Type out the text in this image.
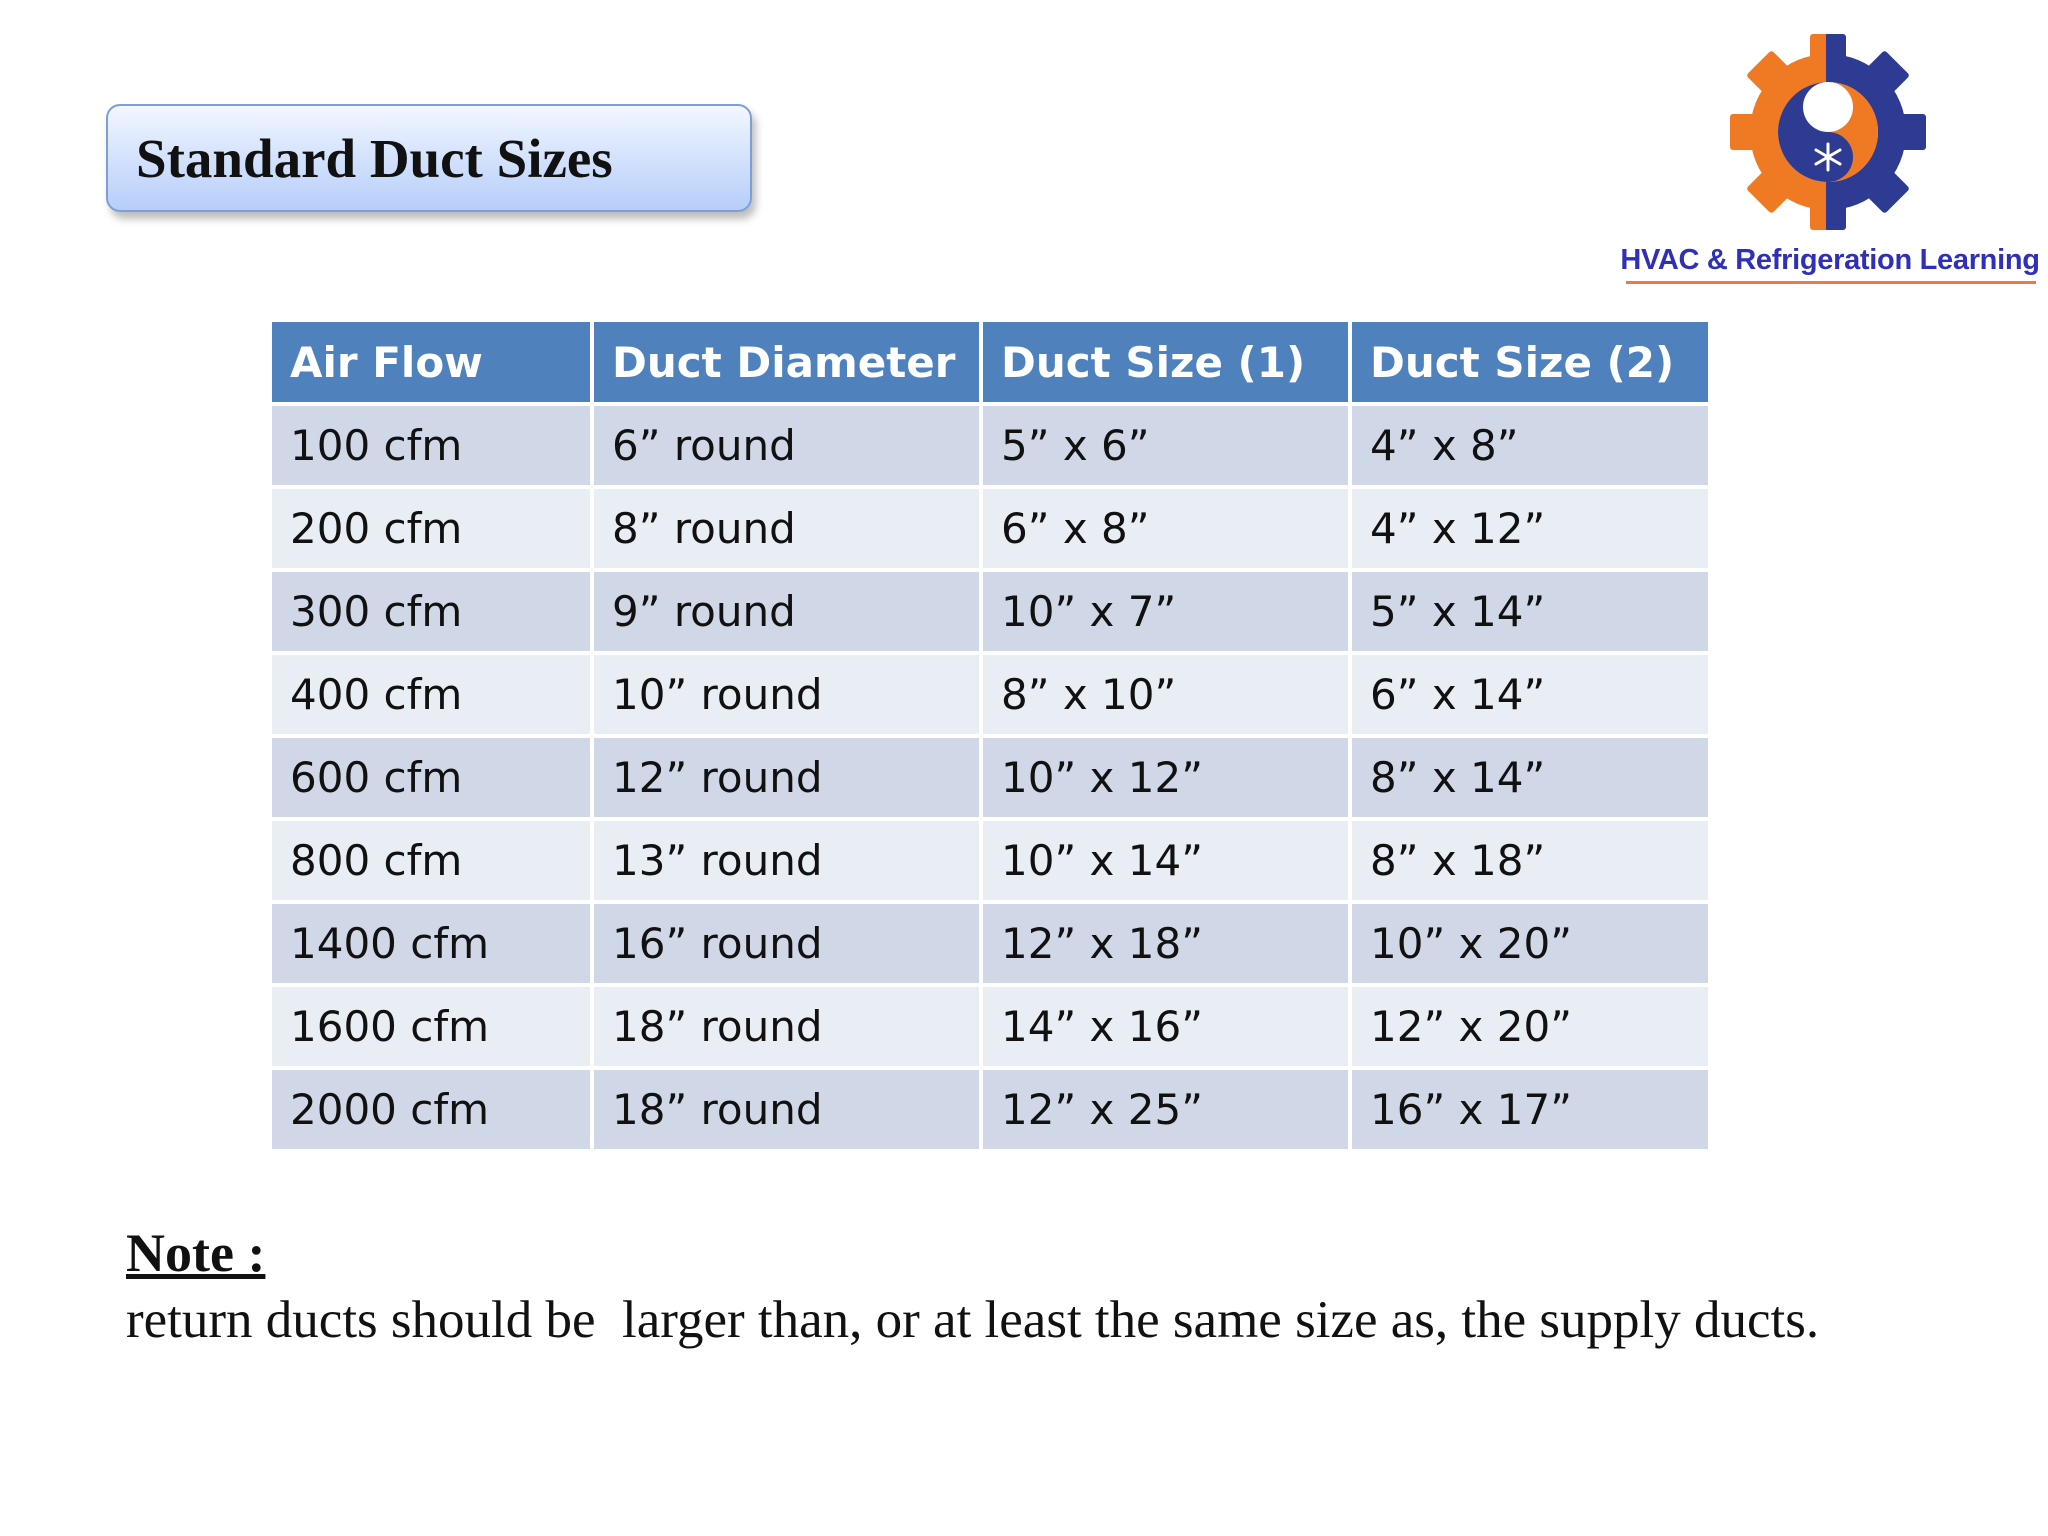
Standard Duct Sizes
HVAC & Refrigeration Learning
Air Flow	Duct Diameter	Duct Size (1)	Duct Size (2)
100 cfm	6” round	5” x 6”	4” x 8”
200 cfm	8” round	6” x 8”	4” x 12”
300 cfm	9” round	10” x 7”	5” x 14”
400 cfm	10” round	8” x 10”	6” x 14”
600 cfm	12” round	10” x 12”	8” x 14”
800 cfm	13” round	10” x 14”	8” x 18”
1400 cfm	16” round	12” x 18”	10” x 20”
1600 cfm	18” round	14” x 16”	12” x 20”
2000 cfm	18” round	12” x 25”	16” x 17”
Note :
return ducts should be  larger than, or at least the same size as, the supply ducts.
